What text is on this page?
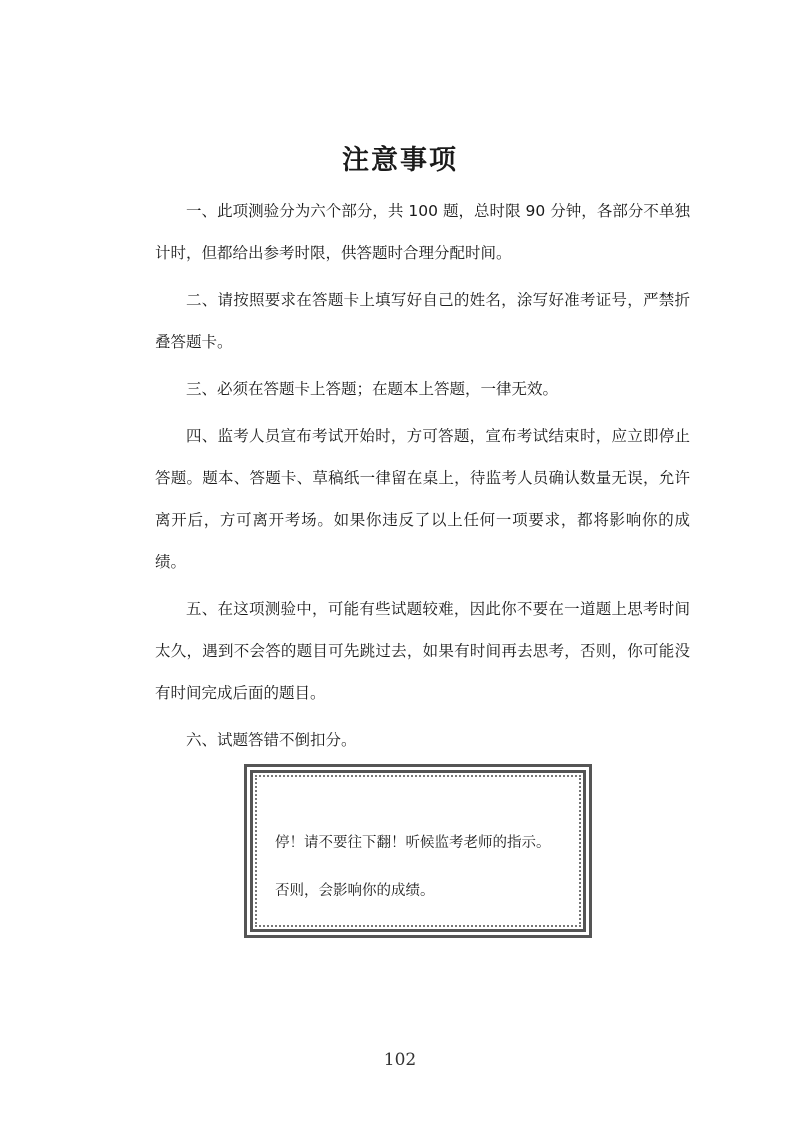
注意事项

一、此项测验分为六个部分，共 100 题，总时限 90 分钟，各部分不单独计时，但都给出参考时限，供答题时合理分配时间。

二、请按照要求在答题卡上填写好自己的姓名，涂写好准考证号，严禁折叠答题卡。

三、必须在答题卡上答题；在题本上答题，一律无效。

四、监考人员宣布考试开始时，方可答题，宣布考试结束时，应立即停止答题。题本、答题卡、草稿纸一律留在桌上，待监考人员确认数量无误，允许离开后，方可离开考场。如果你违反了以上任何一项要求，都将影响你的成绩。

五、在这项测验中，可能有些试题较难，因此你不要在一道题上思考时间太久，遇到不会答的题目可先跳过去，如果有时间再去思考，否则，你可能没有时间完成后面的题目。

六、试题答错不倒扣分。

停！请不要往下翻！听候监考老师的指示。

否则，会影响你的成绩。

102
